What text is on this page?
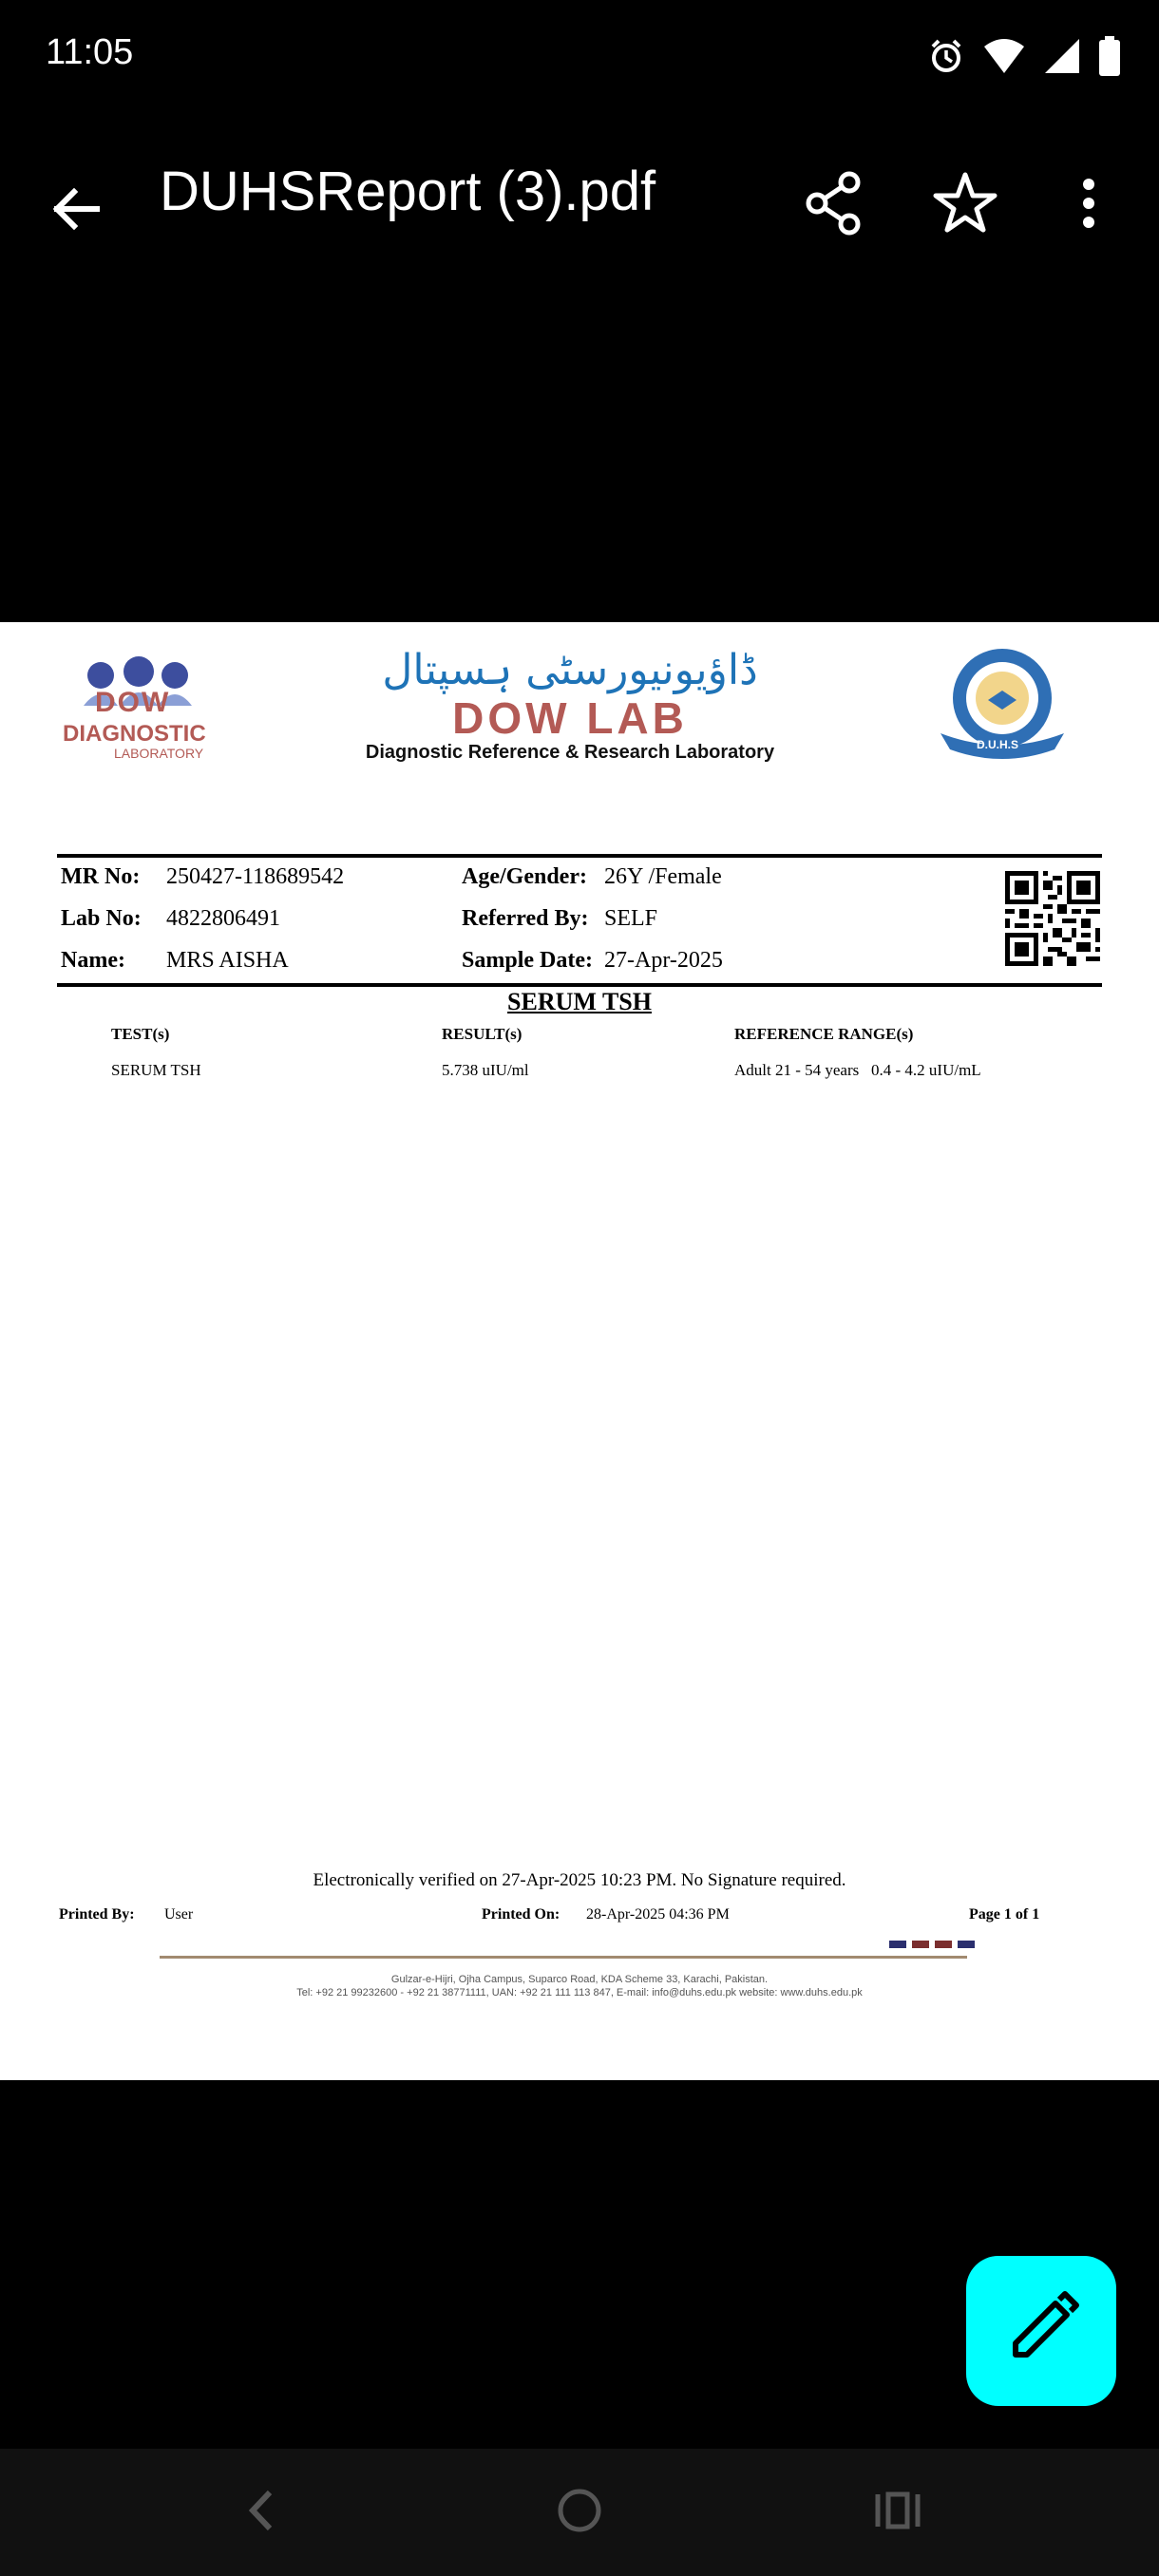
11:05
DUHSReport (3).pdf
DOW
DIAGNOSTIC
LABORATORY
ڈاؤیونیورسٹی ہسپتال
DOW LAB
Diagnostic Reference & Research Laboratory	D.U.H.S
MR No: 250427-118689542
Lab No: 4822806491
Name: MRS AISHA
Age/Gender: 26Y /Female
Referred By: SELF
Sample Date: 27-Apr-2025
SERUM TSH
TEST(s)	RESULT(s)	REFERENCE RANGE(s)
SERUM TSH	5.738 uIU/ml	Adult 21 - 54 years   0.4 - 4.2 uIU/mL
Electronically verified on 27-Apr-2025 10:23 PM. No Signature required.
Printed By: User	Printed On: 28-Apr-2025 04:36 PM	Page 1 of 1
Gulzar-e-Hijri, Ojha Campus, Suparco Road, KDA Scheme 33, Karachi, Pakistan.
Tel: +92 21 99232600 - +92 21 38771111, UAN: +92 21 111 113 847, E-mail: info@duhs.edu.pk website: www.duhs.edu.pk
